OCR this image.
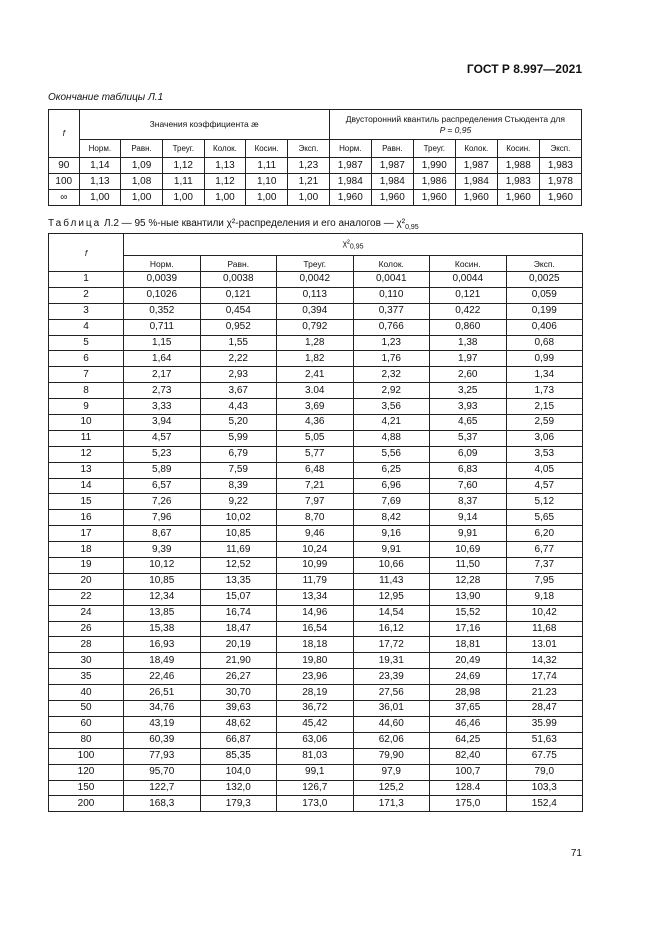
ГОСТ Р 8.997—2021
Окончание таблицы Л.1
f	Значения коэффициента æ						Двусторонний квантиль распределения Стьюдента для
P = 0,95					
	Норм.	Равн.	Треуг.	Колок.	Косин.	Эксп.	Норм.	Равн.	Треуг.	Колок.	Косин.	Эксп.
90	1,14	1,09	1,12	1,13	1,11	1,23	1,987	1,987	1,990	1,987	1,988	1,983
100	1,13	1,08	1,11	1,12	1,10	1,21	1,984	1,984	1,986	1,984	1,983	1,978
∞	1,00	1,00	1,00	1,00	1,00	1,00	1,960	1,960	1,960	1,960	1,960	1,960
Таблица Л.2 — 95 %-ные квантили χ²-распределения и его аналогов — $\chi^2_{0,95}$
f	$\chi^2_{0,95}$
	Норм.	Равн.	Треуг.	Колок.	Косин.	Эксп.
1	0,0039	0,0038	0,0042	0,0041	0,0044	0,0025
2	0,1026	0,121	0,113	0,110	0,121	0,059
3	0,352	0,454	0,394	0,377	0,422	0,199
4	0,711	0,952	0,792	0,766	0,860	0,406
5	1,15	1,55	1,28	1,23	1,38	0,68
6	1,64	2,22	1,82	1,76	1,97	0,99
7	2,17	2,93	2,41	2,32	2,60	1,34
8	2,73	3,67	3.04	2,92	3,25	1,73
9	3,33	4,43	3,69	3,56	3,93	2,15
10	3,94	5,20	4,36	4,21	4,65	2,59
11	4,57	5,99	5,05	4,88	5,37	3,06
12	5,23	6,79	5,77	5,56	6,09	3,53
13	5,89	7,59	6,48	6,25	6,83	4,05
14	6,57	8,39	7,21	6,96	7,60	4,57
15	7,26	9,22	7,97	7,69	8,37	5,12
16	7,96	10,02	8,70	8,42	9,14	5,65
17	8,67	10,85	9,46	9,16	9,91	6,20
18	9,39	11,69	10,24	9,91	10,69	6,77
19	10,12	12,52	10,99	10,66	11,50	7,37
20	10,85	13,35	11,79	11,43	12,28	7,95
22	12,34	15,07	13,34	12,95	13,90	9,18
24	13,85	16,74	14,96	14,54	15,52	10,42
26	15,38	18,47	16,54	16,12	17,16	11,68
28	16,93	20,19	18,18	17,72	18,81	13.01
30	18,49	21,90	19,80	19,31	20,49	14,32
35	22,46	26,27	23,96	23,39	24,69	17,74
40	26,51	30,70	28,19	27,56	28,98	21.23
50	34,76	39,63	36,72	36,01	37,65	28,47
60	43,19	48,62	45,42	44,60	46,46	35.99
80	60,39	66,87	63,06	62,06	64,25	51,63
100	77,93	85,35	81,03	79,90	82,40	67.75
120	95,70	104,0	99,1	97,9	100,7	79,0
150	122,7	132,0	126,7	125,2	128.4	103,3
200	168,3	179,3	173,0	171,3	175,0	152,4
71
